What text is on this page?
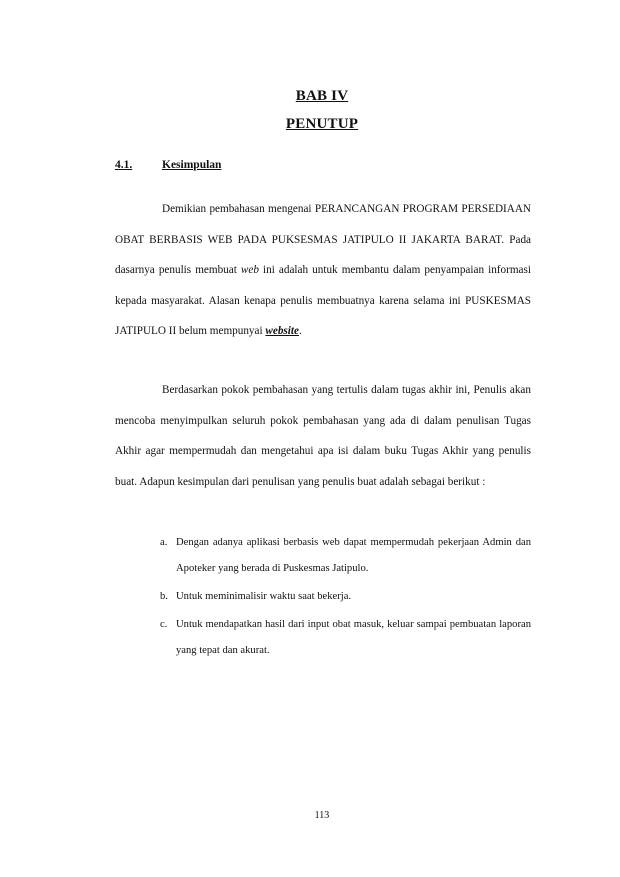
BAB IV
PENUTUP
4.1.	Kesimpulan

Demikian pembahasan mengenai PERANCANGAN PROGRAM PERSEDIAAN OBAT BERBASIS WEB PADA PUKSESMAS JATIPULO II JAKARTA BARAT. Pada dasarnya penulis membuat web ini adalah untuk membantu dalam penyampaian informasi kepada masyarakat. Alasan kenapa penulis membuatnya karena selama ini PUSKESMAS JATIPULO II belum mempunyai website.

Berdasarkan pokok pembahasan yang tertulis dalam tugas akhir ini, Penulis akan mencoba menyimpulkan seluruh pokok pembahasan yang ada di dalam penulisan Tugas Akhir agar mempermudah dan mengetahui apa isi dalam buku Tugas Akhir yang penulis buat. Adapun kesimpulan dari penulisan yang penulis buat adalah sebagai berikut :

a. Dengan adanya aplikasi berbasis web dapat mempermudah pekerjaan Admin dan Apoteker yang berada di Puskesmas Jatipulo.
b. Untuk meminimalisir waktu saat bekerja.
c. Untuk mendapatkan hasil dari input obat masuk, keluar sampai pembuatan laporan yang tepat dan akurat.
113
